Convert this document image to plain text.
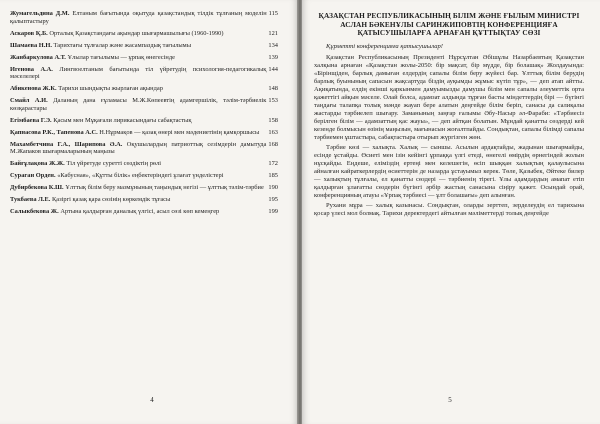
115
Жумагельдина Д.М. Елтаным бағытында оқытуда қазақстандық тілдік тұлғаның моделін қалыптастыру
121
Аскаров Қ.Б. Орталық Қазақстандағы ақындар шығармашылығы (1960-1990)
134
Шамаева Н.Н. Тарихтағы тұлғалар және жасампаздық тағылымы
139
Жанбаркулова А.Т. Ұлылар тағылымы — ұрпақ өнегесінде
144
Игенова А.А. Лингвоелтаным бағытында тіл үйретудің психология-педагогикалық мәселелері
148
Абикенова Ж.К. Тарихи шындықты жырлаған ақындар
153
Смайл А.И. Даланың дана ғұламасы М.Ж.Көпеевтің адамгершілік, тәлім-тәрбиелік көзқарастары
158
Егімбаева Г.Э. Қасым мен Мұқағали лирикасындағы сабақтастық
163
Қапнасова Р.К., Тапенова А.С. Н.Нұрмақов — қазақ өнері мен мәдениетінің қамқоршысы
168
Махамбетчина Г.А., Шарипова Ә.А. Оқушылардың патриоттық сезімдерін дамытуда М.Жапаков шығармаларының маңызы
172
Байғұлақова Ж.Ж. Тіл үйретуде суреттi сөздіктің рөлі
185
Сураган Орден. «Кабусная», «Құтты білік» еңбектеріндегі ұлағат үнделістері
190
Дубирбекова К.Ш. Ұлттық білім беру мазмұнының таңындық негізі — ұлттық тәлім-тәрбие
195
Тукбаева Л.Е. Қазіргі қазақ қара сөзінің көркемдік тұғасы
199
Салыкбекова Ж. Артына қалдырған даналық үлгісі, асыл сөзі көп кемеңгер
4
ҚАЗАҚСТАН РЕСПУБЛИКАСЫНЫҢ БІЛІМ ЖӘНЕ ҒЫЛЫМ МИНИСТРІ АСЛАН БӘКЕНҰЛЫ САРИНЖИПОВТІҢ КОНФЕРЕНЦИЯҒА ҚАТЫСУШЫЛАРҒА АРНАҒАН ҚҰТТЫҚТАУ СӨЗІ
Құрметті конференцияға қатысушылар!
Қазақстан Республикасының Президенті Нұрсұлтан Әбішұлы Назарбаевтың Қазақстан халқына арнаған «Қазақстан жолы-2050: бір мақсат, бір мүдде, бір болашақ» Жолдауында: «Бірінщіден, барлық дамыған елдердің сапалы білім беру жүйесі бар. Ұлттық білім берудің барлық буынының сапасын жақсартуда біздің ауқымды жұмыс күтіп тұр», — деп атап айтты. Ақиқатында, елдің екінші қаркынмен дамуымызды дамушы білім мен сапалы әлеуметтік орта қажеттігі айқын мәселе. Олай болса, адамзат алдында тұрған басты міндеттердің бірі — бүгінгі таңдағы талапқа толық мәнде жауап бере алатын деңгейде білім беріп, санасы да салиқалы жастарды тәрбиелеп шығару. Заманының заңғар ғалымы Әбу-Насыр әл-Фараби: «Тәрбиесіз берілген білім — адамзаттың қас жауы», — деп айтқан болатын. Мұндай қанатты сөздерді кей кезенде болмысын өзінің маңызын, мағынасын жоғалтпайды. Сондықтан, сапалы білімді сапалы тәрбиемен ұштастыра, сабақтастыра отырып жүргізген жөн.
Тәрбие көзі — халықта. Халық — сыншы. Асылын ардақтайды, жадынан шығармайды, есінде ұстайды. Өсиеті мен ізін кейінгі ұрпаққа үлгі етеді, өнегелі өмірдің өрнегіндей жолын нұсқайды. Еңдеше, еліміздің ертеңі мен келешегін, өсіп шыққан халықтың қалаулысына айналған кайраткерлердің өсиеттерін де назарда ұстауымыз керек. Төле, Қазыбек, Әйтеке билер — халықтың тұлғалы, ел қанатты сөздері — тәрбиенің тірегі. Ұлы адамдардың амапат етіп қалдырған ұлағатты сөздерін бүгінгі әрбір жастың санасына сіңіру қажет. Осындай орай, конференцияның атауы «Ұрпақ тәрбиесі — ұлт болашағы» деп алынған.
Рухани мұра — халық казынасы. Сондықтан, оларды зерттеп, зерделеудің ел тарихына қосар үлесі мол болмақ. Тарихи деректердегі айтылған мәліметтерді толық деңгейде
5
